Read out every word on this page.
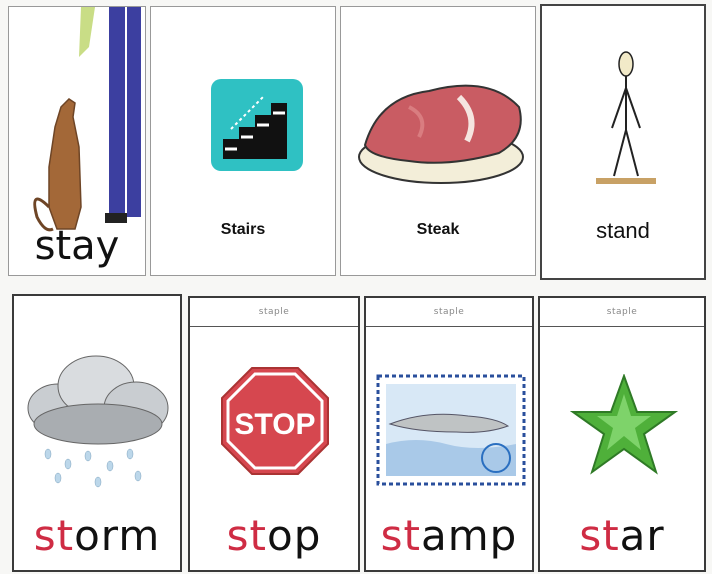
stay	Stairs	Steak	stand
storm
staple
STOP
stop
staple
stamp
staple
star
